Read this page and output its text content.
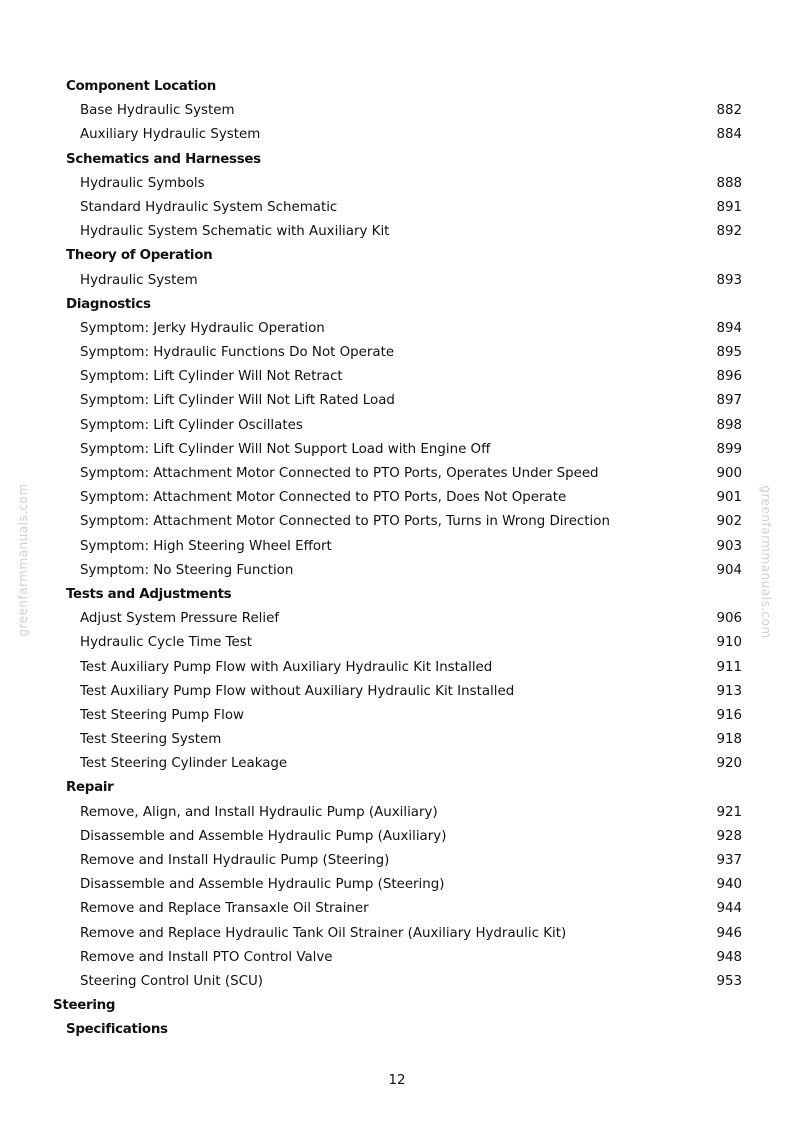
Component Location
Base Hydraulic System	882
Auxiliary Hydraulic System	884
Schematics and Harnesses
Hydraulic Symbols	888
Standard Hydraulic System Schematic	891
Hydraulic System Schematic with Auxiliary Kit	892
Theory of Operation
Hydraulic System	893
Diagnostics
Symptom: Jerky Hydraulic Operation	894
Symptom: Hydraulic Functions Do Not Operate	895
Symptom: Lift Cylinder Will Not Retract	896
Symptom: Lift Cylinder Will Not Lift Rated Load	897
Symptom: Lift Cylinder Oscillates	898
Symptom: Lift Cylinder Will Not Support Load with Engine Off	899
Symptom: Attachment Motor Connected to PTO Ports, Operates Under Speed	900
Symptom: Attachment Motor Connected to PTO Ports, Does Not Operate	901
Symptom: Attachment Motor Connected to PTO Ports, Turns in Wrong Direction	902
Symptom: High Steering Wheel Effort	903
Symptom: No Steering Function	904
Tests and Adjustments
Adjust System Pressure Relief	906
Hydraulic Cycle Time Test	910
Test Auxiliary Pump Flow with Auxiliary Hydraulic Kit Installed	911
Test Auxiliary Pump Flow without Auxiliary Hydraulic Kit Installed	913
Test Steering Pump Flow	916
Test Steering System	918
Test Steering Cylinder Leakage	920
Repair
Remove, Align, and Install Hydraulic Pump (Auxiliary)	921
Disassemble and Assemble Hydraulic Pump (Auxiliary)	928
Remove and Install Hydraulic Pump (Steering)	937
Disassemble and Assemble Hydraulic Pump (Steering)	940
Remove and Replace Transaxle Oil Strainer	944
Remove and Replace Hydraulic Tank Oil Strainer (Auxiliary Hydraulic Kit)	946
Remove and Install PTO Control Valve	948
Steering Control Unit (SCU)	953
Steering
Specifications
greenfarmmanuals.com	greenfarmmanuals.com
12
